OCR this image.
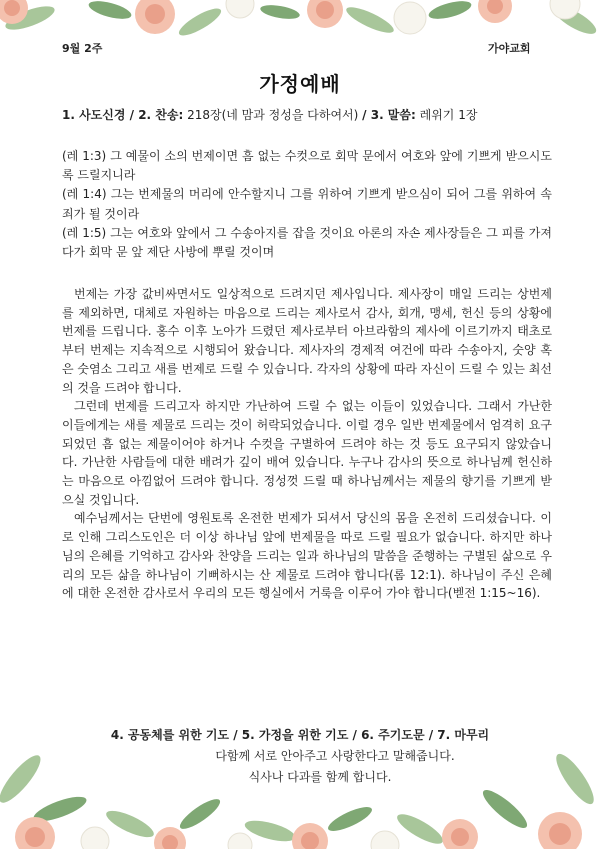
9월 2주	가야교회
가정예배
1. 사도신경 / 2. 찬송: 218장(네 맘과 정성을 다하여서) / 3. 말씀: 레위기 1장

(레 1:3) 그 예물이 소의 번제이면 흠 없는 수컷으로 회막 문에서 여호와 앞에 기쁘게 받으시도록 드릴지니라

(레 1:4) 그는 번제물의 머리에 안수할지니 그를 위하여 기쁘게 받으심이 되어 그를 위하여 속죄가 될 것이라

(레 1:5) 그는 여호와 앞에서 그 수송아지를 잡을 것이요 아론의 자손 제사장들은 그 피를 가져다가 회막 문 앞 제단 사방에 뿌릴 것이며

번제는 가장 값비싸면서도 일상적으로 드려지던 제사입니다. 제사장이 매일 드리는 상번제를 제외하면, 대체로 자원하는 마음으로 드리는 제사로서 감사, 회개, 맹세, 헌신 등의 상황에 번제를 드립니다. 홍수 이후 노아가 드렸던 제사로부터 아브라함의 제사에 이르기까지 태초로부터 번제는 지속적으로 시행되어 왔습니다. 제사자의 경제적 여건에 따라 수송아지, 숫양 혹은 숫염소 그리고 새를 번제로 드릴 수 있습니다. 각자의 상황에 따라 자신이 드릴 수 있는 최선의 것을 드려야 합니다.

그런데 번제를 드리고자 하지만 가난하여 드릴 수 없는 이들이 있었습니다. 그래서 가난한 이들에게는 새를 제물로 드리는 것이 허락되었습니다. 이럴 경우 일반 번제물에서 엄격히 요구되었던 흠 없는 제물이어야 하거나 수컷을 구별하여 드려야 하는 것 등도 요구되지 않았습니다. 가난한 사람들에 대한 배려가 깊이 배여 있습니다. 누구나 감사의 뜻으로 하나님께 헌신하는 마음으로 아낌없어 드려야 합니다. 정성껏 드릴 때 하나님께서는 제물의 향기를 기쁘게 받으실 것입니다.

예수님께서는 단번에 영원토록 온전한 번제가 되셔서 당신의 몸을 온전히 드리셨습니다. 이로 인해 그리스도인은 더 이상 하나님 앞에 번제물을 따로 드릴 필요가 없습니다. 하지만 하나님의 은혜를 기억하고 감사와 찬양을 드리는 일과 하나님의 말씀을 준행하는 구별된 삶으로 우리의 모든 삶을 하나님이 기뻐하시는 산 제물로 드려야 합니다(롬 12:1). 하나님이 주신 은혜에 대한 온전한 감사로서 우리의 모든 행실에서 거룩을 이루어 가야 합니다(벧전 1:15~16).

4. 공동체를 위한 기도 / 5. 가정을 위한 기도 / 6. 주기도문 / 7. 마무리
다함께 서로 안아주고 사랑한다고 말해줍니다.
식사나 다과를 함께 합니다.
